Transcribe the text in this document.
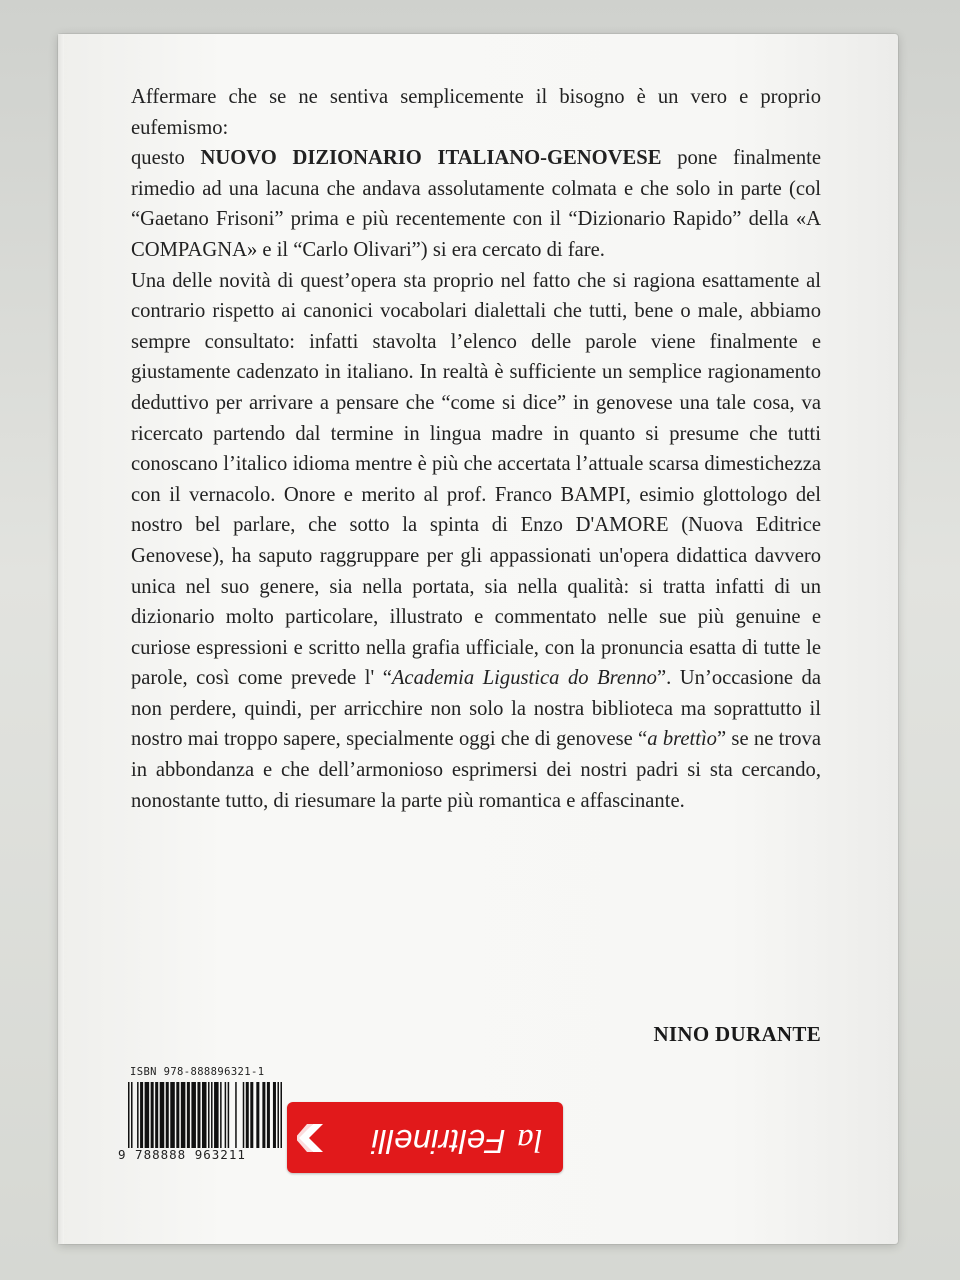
Affermare che se ne sentiva semplicemente il bisogno è un vero e proprio eufemismo:
questo NUOVO DIZIONARIO ITALIANO-GENOVESE pone finalmente rimedio ad una lacuna che andava assolutamente colmata e che solo in parte (col “Gaetano Frisoni” prima e più recentemente con il “Dizionario Rapido” della «A COMPAGNA» e il “Carlo Olivari”) si era cercato di fare.

Una delle novità di quest’opera sta proprio nel fatto che si ragiona esattamente al contrario rispetto ai canonici vocabolari dialettali che tutti, bene o male, abbiamo sempre consultato: infatti stavolta l’elenco delle parole viene finalmente e giustamente cadenzato in italiano. In realtà è sufficiente un semplice ragionamento deduttivo per arrivare a pensare che “come si dice” in genovese una tale cosa, va ricercato partendo dal termine in lingua madre in quanto si presume che tutti conoscano l’italico idioma mentre è più che accertata l’attuale scarsa dimestichezza con il vernacolo. Onore e merito al prof. Franco BAMPI, esimio glottologo del nostro bel parlare, che sotto la spinta di Enzo D'AMORE (Nuova Editrice Genovese), ha saputo raggruppare per gli appassionati un'opera didattica davvero unica nel suo genere, sia nella portata, sia nella qualità: si tratta infatti di un dizionario molto particolare, illustrato e commentato nelle sue più genuine e curiose espressioni e scritto nella grafia ufficiale, con la pronuncia esatta di tutte le parole, così come prevede l' “Academia Ligustica do Brenno”. Un’occasione da non perdere, quindi, per arricchire non solo la nostra biblioteca ma soprattutto il nostro mai troppo sapere, specialmente oggi che di genovese “a brettìo” se ne trova in abbondanza e che dell’armonioso esprimersi dei nostri padri si sta cercando, nonostante tutto, di riesumare la parte più romantica e affascinante.

NINO DURANTE
ISBN 978-888896321-1
9 788888 963211	la Feltrinelli
